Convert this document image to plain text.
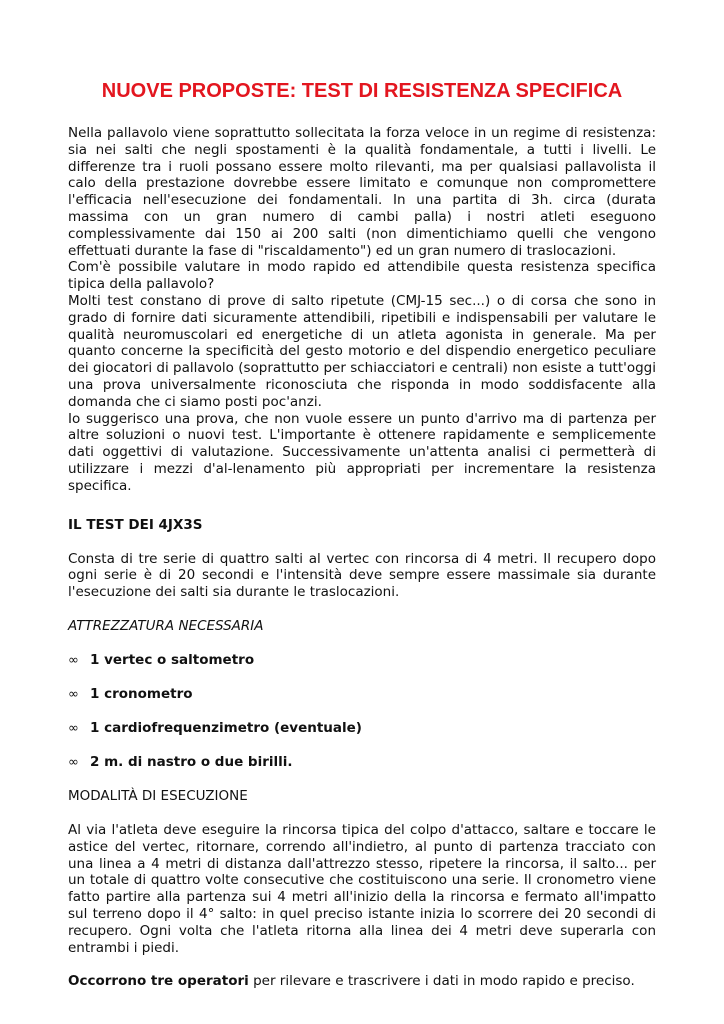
NUOVE PROPOSTE: TEST DI RESISTENZA SPECIFICA

Nella pallavolo viene soprattutto sollecitata la forza veloce in un regime di resistenza: sia nei salti che negli spostamenti è la qualità fondamentale, a tutti i livelli. Le differenze tra i ruoli possano essere molto rilevanti, ma per qualsiasi pallavolista il calo della prestazione dovrebbe essere limitato e comunque non compromettere l'efficacia nell'esecuzione dei fondamentali. In una partita di 3h. circa (durata massima con un gran numero di cambi palla) i nostri atleti eseguono complessivamente dai 150 ai 200 salti (non dimentichiamo quelli che vengono effettuati durante la fase di "riscaldamento") ed un gran numero di traslocazioni.

Com'è possibile valutare in modo rapido ed attendibile questa resistenza specifica tipica della pallavolo?

Molti test constano di prove di salto ripetute (CMJ-15 sec...) o di corsa che sono in grado di fornire dati sicuramente attendibili, ripetibili e indispensabili per valutare le qualità neuromuscolari ed energetiche di un atleta agonista in generale. Ma per quanto concerne la specificità del gesto motorio e del dispendio energetico peculiare dei giocatori di pallavolo (soprattutto per schiacciatori e centrali) non esiste a tutt'oggi una prova universalmente riconosciuta che risponda in modo soddisfacente alla domanda che ci siamo posti poc'anzi.

Io suggerisco una prova, che non vuole essere un punto d'arrivo ma di partenza per altre soluzioni o nuovi test. L'importante è ottenere rapidamente e semplicemente dati oggettivi di valutazione. Successivamente un'attenta analisi ci permetterà di utilizzare i mezzi d'al-lenamento più appropriati per incrementare la resistenza specifica.

IL TEST DEI 4JX3S

Consta di tre serie di quattro salti al vertec con rincorsa di 4 metri. Il recupero dopo ogni serie è di 20 secondi e l'intensità deve sempre essere massimale sia durante l'esecuzione dei salti sia durante le traslocazioni.

ATTREZZATURA NECESSARIA
∞ 1 vertec o saltometro
∞ 1 cronometro
∞ 1 cardiofrequenzimetro (eventuale)
∞ 2 m. di nastro o due birilli.
MODALITÀ DI ESECUZIONE

Al via l'atleta deve eseguire la rincorsa tipica del colpo d'attacco, saltare e toccare le astice del vertec, ritornare, correndo all'indietro, al punto di partenza tracciato con una linea a 4 metri di distanza dall'attrezzo stesso, ripetere la rincorsa, il salto... per un totale di quattro volte consecutive che costituiscono una serie. Il cronometro viene fatto partire alla partenza sui 4 metri all'inizio della la rincorsa e fermato all'impatto sul terreno dopo il 4° salto: in quel preciso istante inizia lo scorrere dei 20 secondi di recupero. Ogni volta che l'atleta ritorna alla linea dei 4 metri deve superarla con entrambi i piedi.

Occorrono tre operatori per rilevare e trascrivere i dati in modo rapido e preciso.
